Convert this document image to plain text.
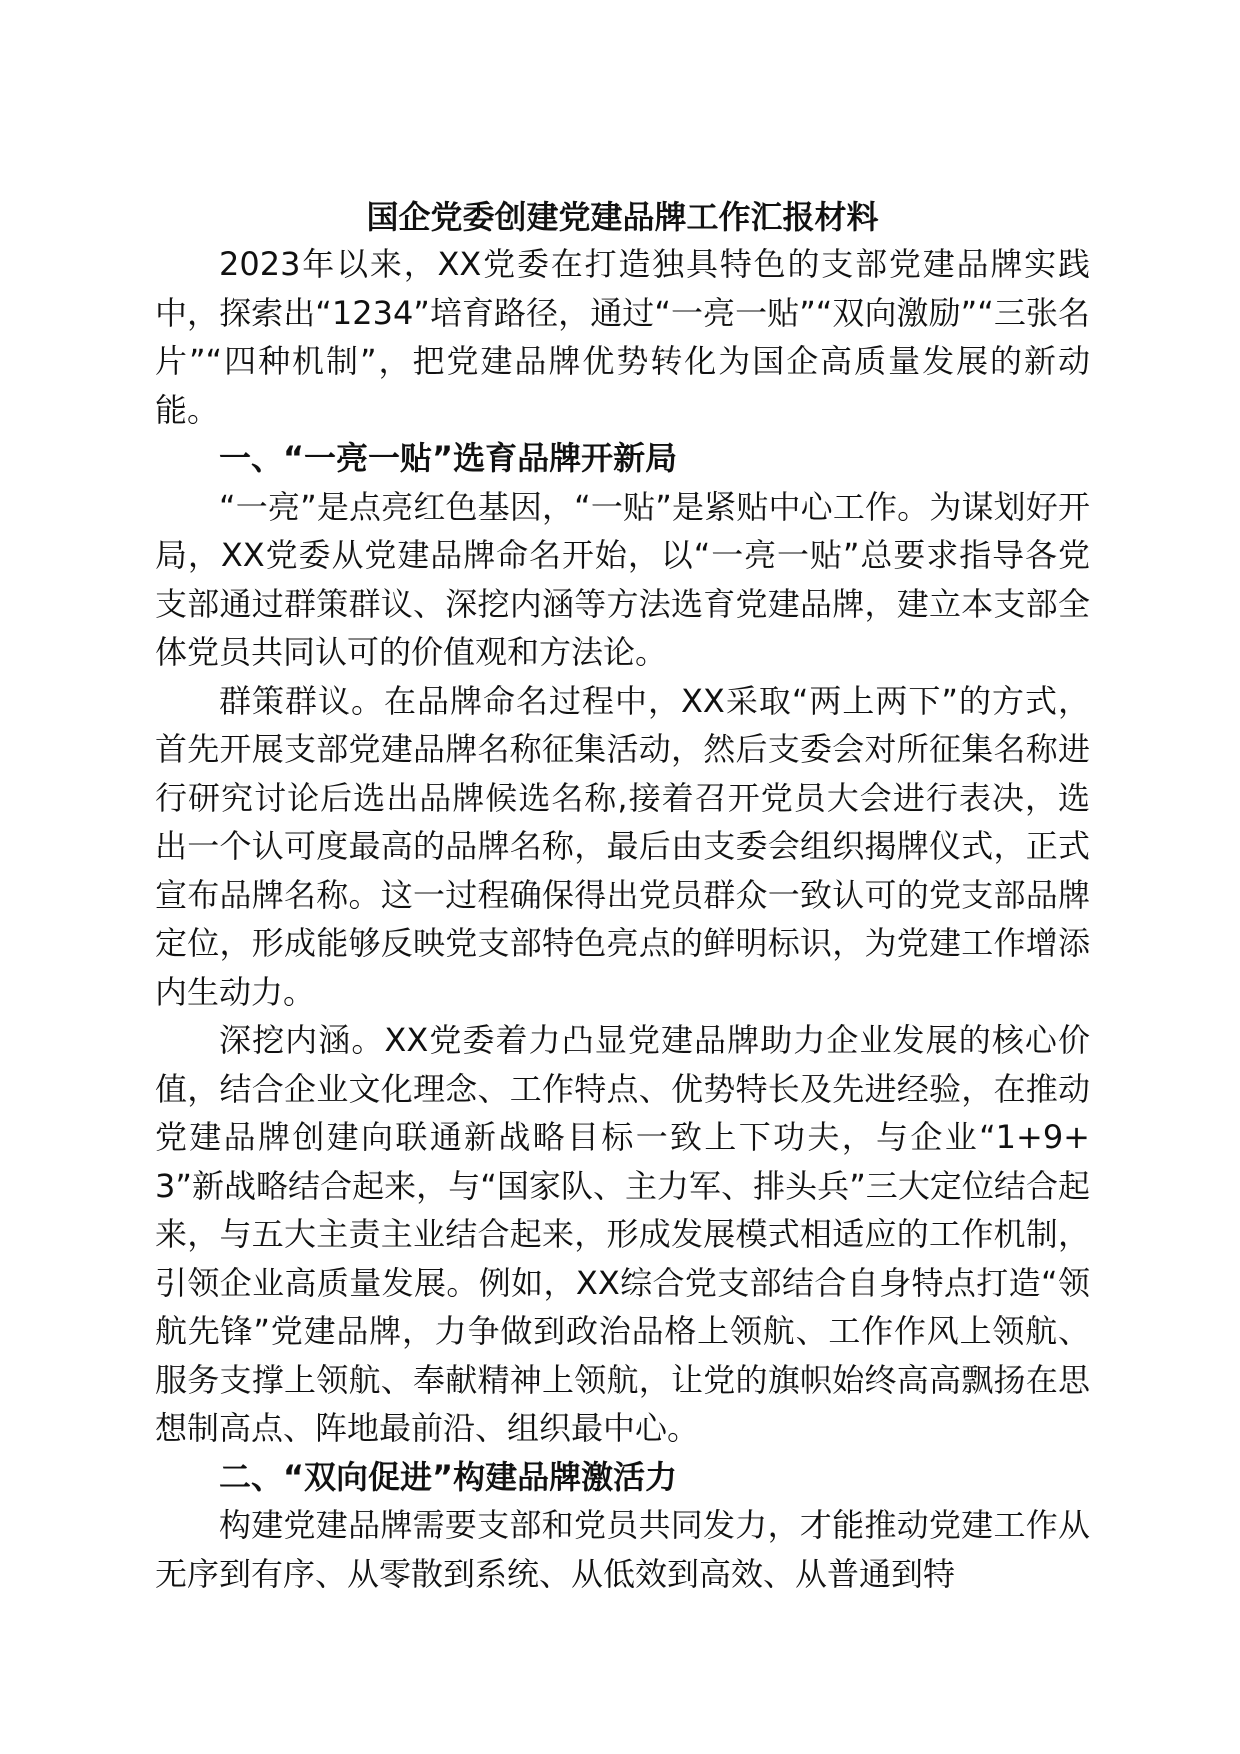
国企党委创建党建品牌工作汇报材料

2023年以来，XX党委在打造独具特色的支部党建品牌实践中，探索出“1234”培育路径，通过“一亮一贴”“双向激励”“三张名片”“四种机制”，把党建品牌优势转化为国企高质量发展的新动能。

一、“一亮一贴”选育品牌开新局

“一亮”是点亮红色基因，“一贴”是紧贴中心工作。为谋划好开局，XX党委从党建品牌命名开始，以“一亮一贴”总要求指导各党支部通过群策群议、深挖内涵等方法选育党建品牌，建立本支部全体党员共同认可的价值观和方法论。

群策群议。在品牌命名过程中，XX采取“两上两下”的方式，首先开展支部党建品牌名称征集活动，然后支委会对所征集名称进行研究讨论后选出品牌候选名称,接着召开党员大会进行表决，选出一个认可度最高的品牌名称，最后由支委会组织揭牌仪式，正式宣布品牌名称。这一过程确保得出党员群众一致认可的党支部品牌定位，形成能够反映党支部特色亮点的鲜明标识，为党建工作增添内生动力。

深挖内涵。XX党委着力凸显党建品牌助力企业发展的核心价值，结合企业文化理念、工作特点、优势特长及先进经验，在推动党建品牌创建向联通新战略目标一致上下功夫，与企业“1+9+3”新战略结合起来，与“国家队、主力军、排头兵”三大定位结合起来，与五大主责主业结合起来，形成发展模式相适应的工作机制，引领企业高质量发展。例如，XX综合党支部结合自身特点打造“领航先锋”党建品牌，力争做到政治品格上领航、工作作风上领航、服务支撑上领航、奉献精神上领航，让党的旗帜始终高高飘扬在思想制高点、阵地最前沿、组织最中心。

二、“双向促进”构建品牌激活力

构建党建品牌需要支部和党员共同发力，才能推动党建工作从无序到有序、从零散到系统、从低效到高效、从普通到特
